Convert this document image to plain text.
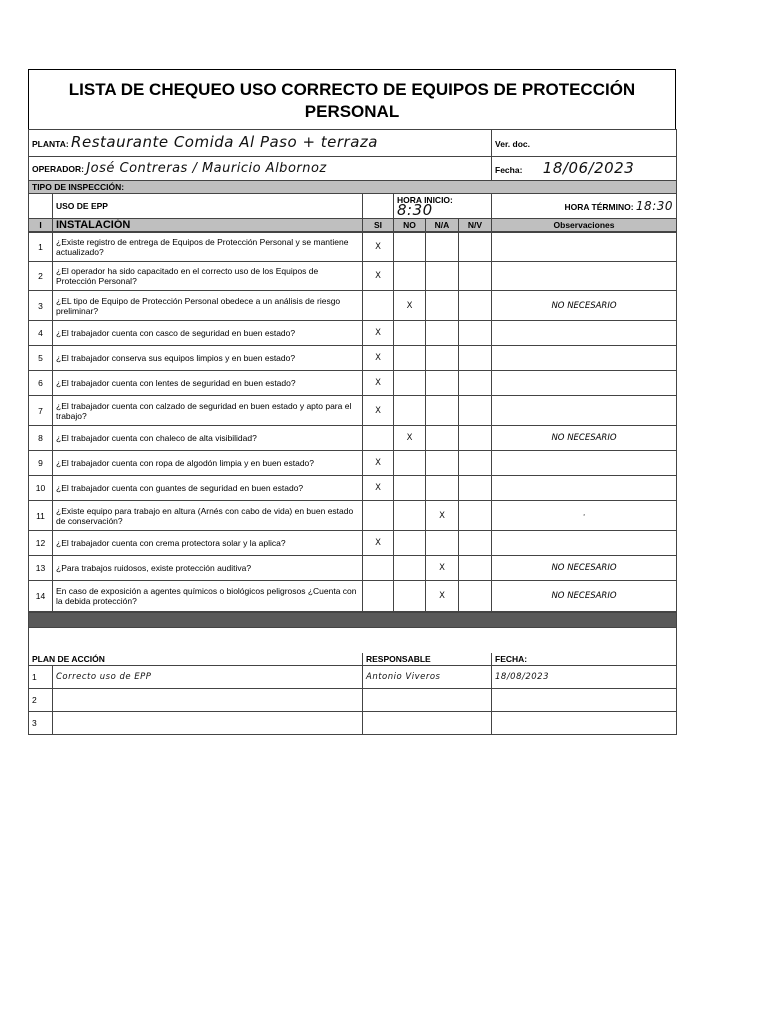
LISTA DE CHEQUEO USO CORRECTO DE EQUIPOS DE PROTECCIÓN PERSONAL
PLANTA: Restaurante Comida Al Paso + terraza						Ver. doc.
OPERADOR: José Contreras / Mauricio Albornoz						Fecha: 18/06/2023
TIPO DE INSPECCIÓN:						
	USO DE EPP		HORA INICIO: 8:30			HORA TÉRMINO: 18:30
I	INSTALACIÓN	SI	NO	N/A	N/V	Observaciones
1	¿Existe registro de entrega de Equipos de Protección Personal y se mantiene actualizado?	X				
2	¿El operador ha sido capacitado en el correcto uso de los Equipos de Protección Personal?	X				
3	¿EL tipo de Equipo de Protección Personal obedece a un análisis de riesgo preliminar?		X			NO NECESARIO
4	¿El trabajador cuenta con casco de seguridad en buen estado?	X				
5	¿El trabajador conserva sus equipos limpios y en buen estado?	X				
6	¿El trabajador cuenta con lentes de seguridad en buen estado?	X				
7	¿El trabajador cuenta con calzado de seguridad en buen estado y apto para el trabajo?	X				
8	¿El trabajador cuenta con chaleco de alta visibilidad?		X			NO NECESARIO
9	¿El trabajador cuenta con ropa de algodón limpia y en buen estado?	X				
10	¿El trabajador cuenta con guantes de seguridad en buen estado?	X				
11	¿Existe equipo para trabajo en altura (Arnés con cabo de vida) en buen estado de conservación?			X		·
12	¿El trabajador cuenta con crema protectora solar y la aplica?	X				
13	¿Para trabajos ruidosos, existe protección auditiva?			X		NO NECESARIO
14	En caso de exposición a agentes químicos o biológicos peligrosos ¿Cuenta con la debida protección?			X		NO NECESARIO

PLAN DE ACCIÓN		RESPONSABLE	FECHA:
1	Correcto uso de EPP	Antonio Viveros	18/08/2023
2			
3			
